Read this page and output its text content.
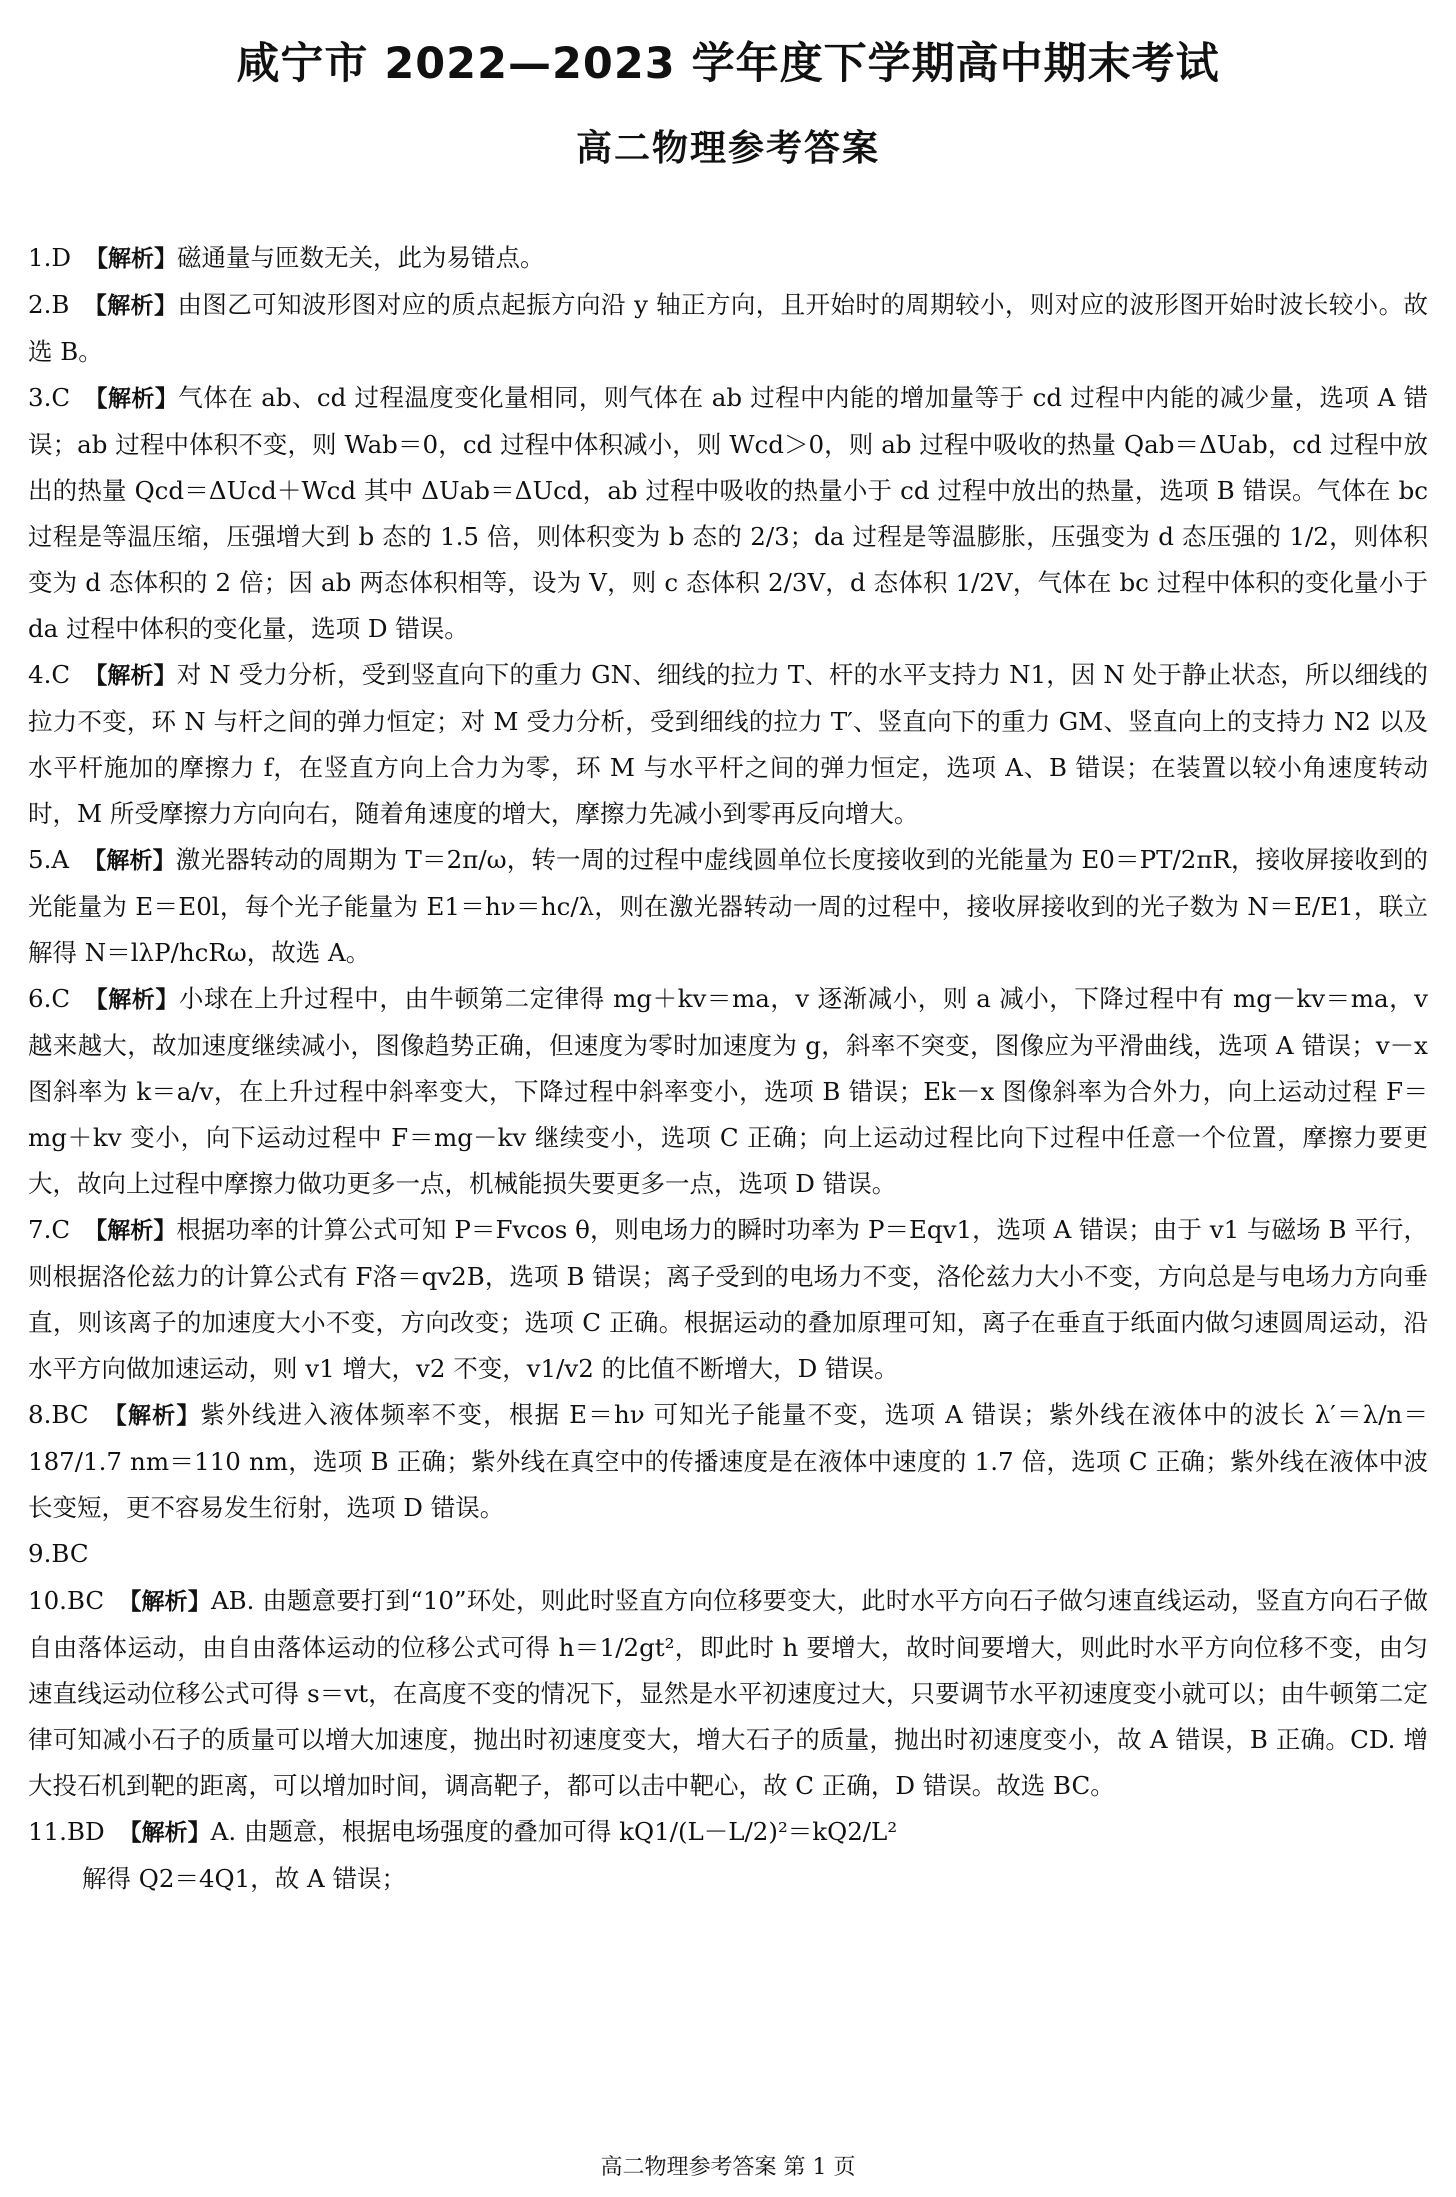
咸宁市 2022—2023 学年度下学期高中期末考试
高二物理参考答案

1.D 【解析】磁通量与匝数无关，此为易错点。

2.B 【解析】由图乙可知波形图对应的质点起振方向沿 y 轴正方向，且开始时的周期较小，则对应的波形图开始时波长较小。故选 B。

3.C 【解析】气体在 ab、cd 过程温度变化量相同，则气体在 ab 过程中内能的增加量等于 cd 过程中内能的减少量，选项 A 错误；ab 过程中体积不变，则 Wab＝0，cd 过程中体积减小，则 Wcd＞0，则 ab 过程中吸收的热量 Qab＝ΔUab，cd 过程中放出的热量 Qcd＝ΔUcd＋Wcd 其中 ΔUab＝ΔUcd，ab 过程中吸收的热量小于 cd 过程中放出的热量，选项 B 错误。气体在 bc 过程是等温压缩，压强增大到 b 态的 1.5 倍，则体积变为 b 态的 2/3；da 过程是等温膨胀，压强变为 d 态压强的 1/2，则体积变为 d 态体积的 2 倍；因 ab 两态体积相等，设为 V，则 c 态体积 2/3V，d 态体积 1/2V，气体在 bc 过程中体积的变化量小于 da 过程中体积的变化量，选项 D 错误。

4.C 【解析】对 N 受力分析，受到竖直向下的重力 GN、细线的拉力 T、杆的水平支持力 N1，因 N 处于静止状态，所以细线的拉力不变，环 N 与杆之间的弹力恒定；对 M 受力分析，受到细线的拉力 T′、竖直向下的重力 GM、竖直向上的支持力 N2 以及水平杆施加的摩擦力 f，在竖直方向上合力为零，环 M 与水平杆之间的弹力恒定，选项 A、B 错误；在装置以较小角速度转动时，M 所受摩擦力方向向右，随着角速度的增大，摩擦力先减小到零再反向增大。

5.A 【解析】激光器转动的周期为 T＝2π/ω，转一周的过程中虚线圆单位长度接收到的光能量为 E0＝PT/2πR，接收屏接收到的光能量为 E＝E0l，每个光子能量为 E1＝hν＝hc/λ，则在激光器转动一周的过程中，接收屏接收到的光子数为 N＝E/E1，联立解得 N＝lλP/hcRω，故选 A。

6.C 【解析】小球在上升过程中，由牛顿第二定律得 mg＋kv＝ma，v 逐渐减小，则 a 减小，下降过程中有 mg－kv＝ma，v 越来越大，故加速度继续减小，图像趋势正确，但速度为零时加速度为 g，斜率不突变，图像应为平滑曲线，选项 A 错误；v－x 图斜率为 k＝a/v，在上升过程中斜率变大，下降过程中斜率变小，选项 B 错误；Ek－x 图像斜率为合外力，向上运动过程 F＝mg＋kv 变小，向下运动过程中 F＝mg－kv 继续变小，选项 C 正确；向上运动过程比向下过程中任意一个位置，摩擦力要更大，故向上过程中摩擦力做功更多一点，机械能损失要更多一点，选项 D 错误。

7.C 【解析】根据功率的计算公式可知 P＝Fvcos θ，则电场力的瞬时功率为 P＝Eqv1，选项 A 错误；由于 v1 与磁场 B 平行，则根据洛伦兹力的计算公式有 F洛＝qv2B，选项 B 错误；离子受到的电场力不变，洛伦兹力大小不变，方向总是与电场力方向垂直，则该离子的加速度大小不变，方向改变；选项 C 正确。根据运动的叠加原理可知，离子在垂直于纸面内做匀速圆周运动，沿水平方向做加速运动，则 v1 增大，v2 不变，v1/v2 的比值不断增大，D 错误。

8.BC 【解析】紫外线进入液体频率不变，根据 E＝hν 可知光子能量不变，选项 A 错误；紫外线在液体中的波长 λ′＝λ/n＝187/1.7 nm＝110 nm，选项 B 正确；紫外线在真空中的传播速度是在液体中速度的 1.7 倍，选项 C 正确；紫外线在液体中波长变短，更不容易发生衍射，选项 D 错误。

9.BC

10.BC 【解析】AB. 由题意要打到“10”环处，则此时竖直方向位移要变大，此时水平方向石子做匀速直线运动，竖直方向石子做自由落体运动，由自由落体运动的位移公式可得 h＝1/2gt²，即此时 h 要增大，故时间要增大，则此时水平方向位移不变，由匀速直线运动位移公式可得 s＝vt，在高度不变的情况下，显然是水平初速度过大，只要调节水平初速度变小就可以；由牛顿第二定律可知减小石子的质量可以增大加速度，抛出时初速度变大，增大石子的质量，抛出时初速度变小，故 A 错误，B 正确。CD. 增大投石机到靶的距离，可以增加时间，调高靶子，都可以击中靶心，故 C 正确，D 错误。故选 BC。

11.BD 【解析】A. 由题意，根据电场强度的叠加可得 kQ1/(L－L/2)²＝kQ2/L²

解得 Q2＝4Q1，故 A 错误；

高二物理参考答案 第 1 页
